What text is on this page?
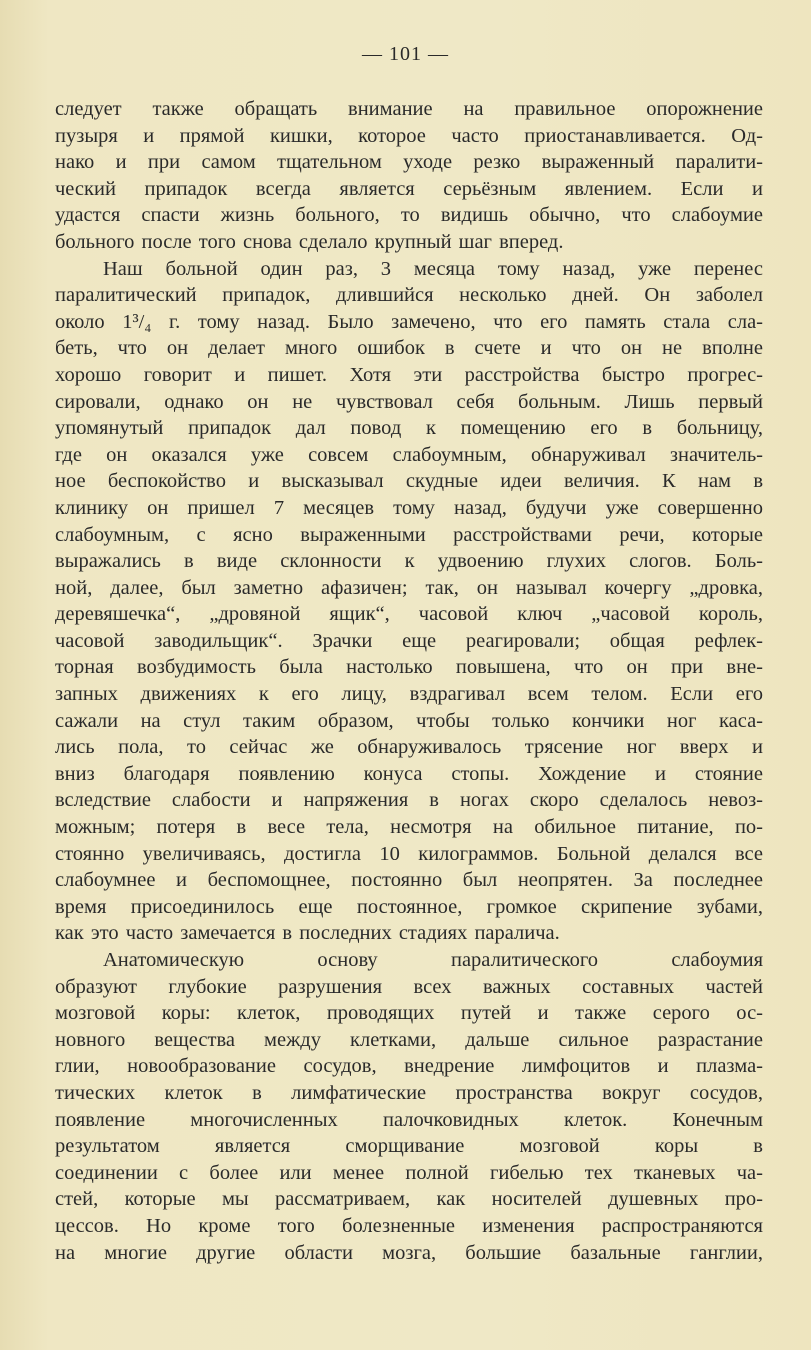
— 101 —
следует также обращать внимание на правильное опорожнение
пузыря и прямой кишки, которое часто приостанавливается. Од-
нако и при самом тщательном уходе резко выраженный паралити-
ческий припадок всегда является серьёзным явлением. Если и
удастся спасти жизнь больного, то видишь обычно, что слабоумие
больного после того снова сделало крупный шаг вперед.
Наш больной один раз, 3 месяца тому назад, уже перенес
паралитический припадок, длившийся несколько дней. Он заболел
около 1³/₄ г. тому назад. Было замечено, что его память стала сла-
беть, что он делает много ошибок в счете и что он не вполне
хорошо говорит и пишет. Хотя эти расстройства быстро прогрес-
сировали, однако он не чувствовал себя больным. Лишь первый
упомянутый припадок дал повод к помещению его в больницу,
где он оказался уже совсем слабоумным, обнаруживал значитель-
ное беспокойство и высказывал скудные идеи величия. К нам в
клинику он пришел 7 месяцев тому назад, будучи уже совершенно
слабоумным, с ясно выраженными расстройствами речи, которые
выражались в виде склонности к удвоению глухих слогов. Боль-
ной, далее, был заметно афазичен; так, он называл кочергу „дровка,
деревяшечка“, „дровяной ящик“, часовой ключ „часовой король,
часовой заводильщик“. Зрачки еще реагировали; общая рефлек-
торная возбудимость была настолько повышена, что он при вне-
запных движениях к его лицу, вздрагивал всем телом. Если его
сажали на стул таким образом, чтобы только кончики ног каса-
лись пола, то сейчас же обнаруживалось трясение ног вверх и
вниз благодаря появлению конуса стопы. Хождение и стояние
вследствие слабости и напряжения в ногах скоро сделалось невоз-
можным; потеря в весе тела, несмотря на обильное питание, по-
стоянно увеличиваясь, достигла 10 килограммов. Больной делался все
слабоумнее и беспомощнее, постоянно был неопрятен. За последнее
время присоединилось еще постоянное, громкое скрипение зубами,
как это часто замечается в последних стадиях паралича.
Анатомическую основу паралитического слабоумия
образуют глубокие разрушения всех важных составных частей
мозговой коры: клеток, проводящих путей и также серого ос-
новного вещества между клетками, дальше сильное разрастание
глии, новообразование сосудов, внедрение лимфоцитов и плазма-
тических клеток в лимфатические пространства вокруг сосудов,
появление многочисленных палочковидных клеток. Конечным
результатом является сморщивание мозговой коры в
соединении с более или менее полной гибелью тех тканевых ча-
стей, которые мы рассматриваем, как носителей душевных про-
цессов. Но кроме того болезненные изменения распространяются
на многие другие области мозга, большие базальные ганглии,
